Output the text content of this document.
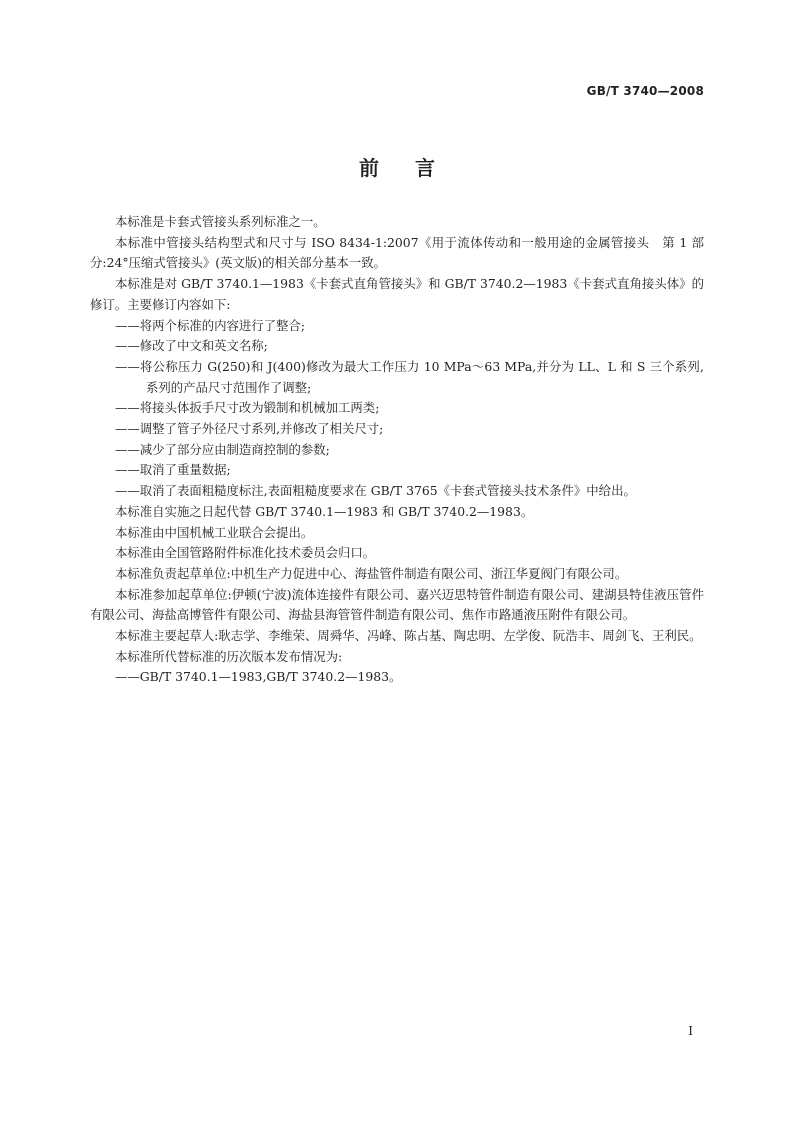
GB/T 3740—2008
前言

本标准是卡套式管接头系列标准之一。

本标准中管接头结构型式和尺寸与 ISO 8434-1:2007《用于流体传动和一般用途的金属管接头　第 1 部分:24°压缩式管接头》(英文版)的相关部分基本一致。

本标准是对 GB/T 3740.1—1983《卡套式直角管接头》和 GB/T 3740.2—1983《卡套式直角接头体》的修订。主要修订内容如下:

——将两个标准的内容进行了整合;

——修改了中文和英文名称;

——将公称压力 G(250)和 J(400)修改为最大工作压力 10 MPa～63 MPa,并分为 LL、L 和 S 三个系列,系列的产品尺寸范围作了调整;

——将接头体扳手尺寸改为锻制和机械加工两类;

——调整了管子外径尺寸系列,并修改了相关尺寸;

——减少了部分应由制造商控制的参数;

——取消了重量数据;

——取消了表面粗糙度标注,表面粗糙度要求在 GB/T 3765《卡套式管接头技术条件》中给出。

本标准自实施之日起代替 GB/T 3740.1—1983 和 GB/T 3740.2—1983。

本标准由中国机械工业联合会提出。

本标准由全国管路附件标准化技术委员会归口。

本标准负责起草单位:中机生产力促进中心、海盐管件制造有限公司、浙江华夏阀门有限公司。

本标准参加起草单位:伊顿(宁波)流体连接件有限公司、嘉兴迈思特管件制造有限公司、建湖县特佳液压管件有限公司、海盐高博管件有限公司、海盐县海管管件制造有限公司、焦作市路通液压附件有限公司。

本标准主要起草人:耿志学、李维荣、周舜华、冯峰、陈占基、陶忠明、左学俊、阮浩丰、周剑飞、王利民。

本标准所代替标准的历次版本发布情况为:

——GB/T 3740.1—1983,GB/T 3740.2—1983。

I
